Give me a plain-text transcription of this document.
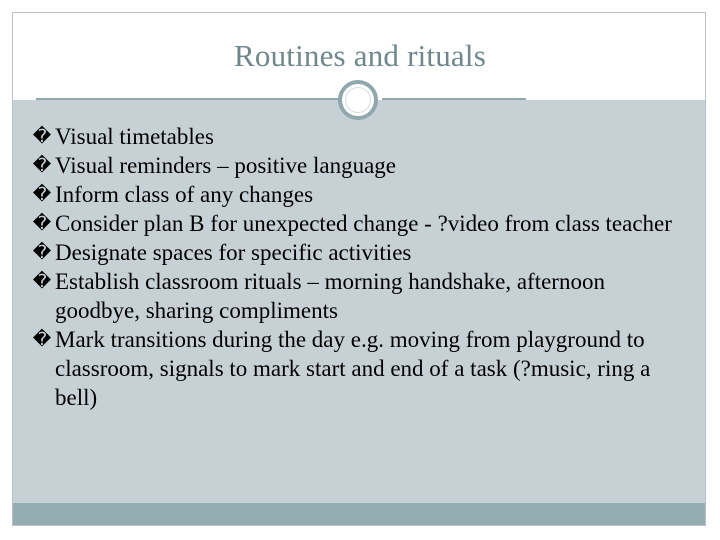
Routines and rituals
�
Visual timetables
�
Visual reminders – positive language
�
Inform class of any changes
�
Consider plan B for unexpected change - ?video from class teacher
�
Designate spaces for specific activities
�
Establish classroom rituals – morning handshake, afternoon goodbye, sharing compliments
�
Mark transitions during the day e.g. moving from playground to classroom, signals to mark start and end of a task (?music, ring a bell)
